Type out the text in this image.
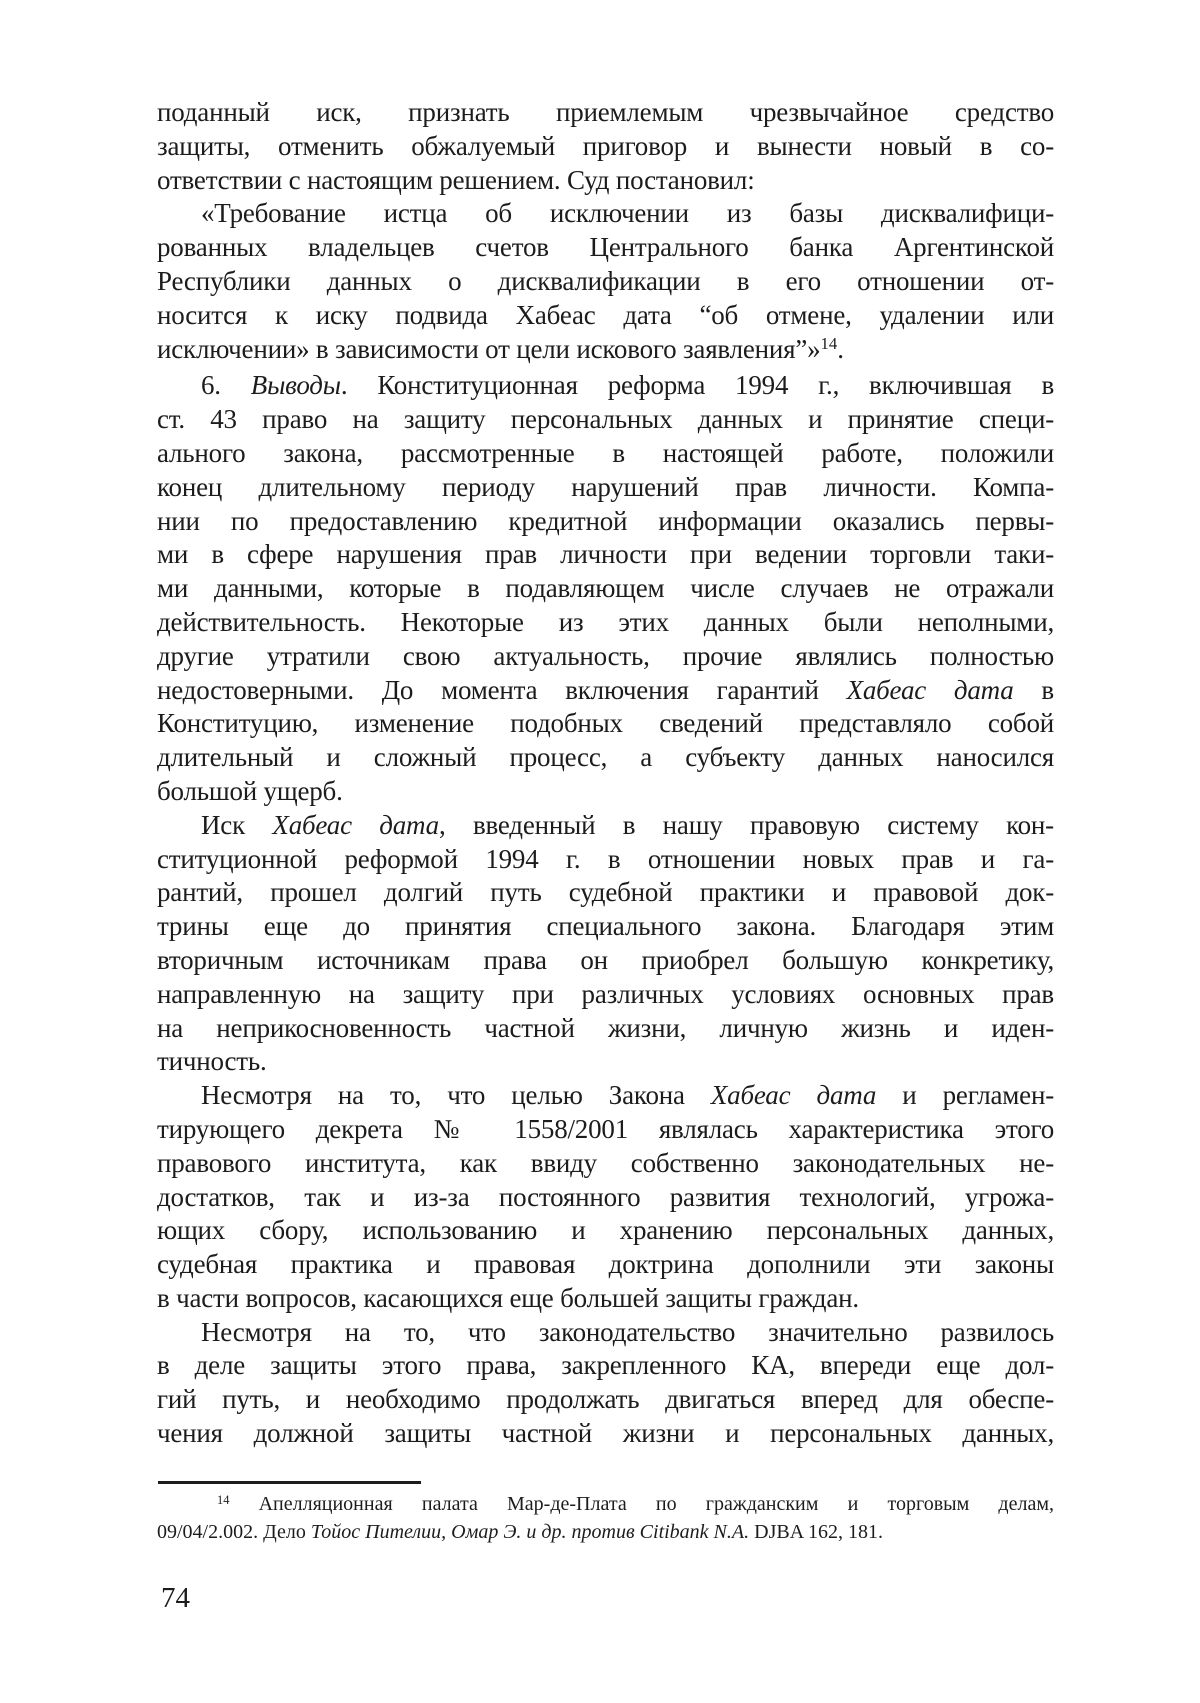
поданный иск, признать приемлемым чрезвычайное средство
защиты, отменить обжалуемый приговор и вынести новый в со-
ответствии с настоящим решением. Суд постановил:
«Требование истца об исключении из базы дисквалифици-
рованных владельцев счетов Центрального банка Аргентинской
Республики данных о дисквалификации в его отношении от-
носится к иску подвида Хабеас дата “об отмене, удалении или
исключении» в зависимости от цели искового заявления”»$^{14}$.
6. Выводы. Конституционная реформа 1994 г., включившая в
ст. 43 право на защиту персональных данных и принятие специ-
ального закона, рассмотренные в настоящей работе, положили
конец длительному периоду нарушений прав личности. Компа-
нии по предоставлению кредитной информации оказались первы-
ми в сфере нарушения прав личности при ведении торговли таки-
ми данными, которые в подавляющем числе случаев не отражали
действительность. Некоторые из этих данных были неполными,
другие утратили свою актуальность, прочие являлись полностью
недостоверными. До момента включения гарантий Хабеас дата в
Конституцию, изменение подобных сведений представляло собой
длительный и сложный процесс, а субъекту данных наносился
большой ущерб.
Иск Хабеас дата, введенный в нашу правовую систему кон-
ституционной реформой 1994 г. в отношении новых прав и га-
рантий, прошел долгий путь судебной практики и правовой док-
трины еще до принятия специального закона. Благодаря этим
вторичным источникам права он приобрел большую конкретику,
направленную на защиту при различных условиях основных прав
на неприкосновенность частной жизни, личную жизнь и иден-
тичность.
Несмотря на то, что целью Закона Хабеас дата и регламен-
тирующего декрета № 1558/2001 являлась характеристика этого
правового института, как ввиду собственно законодательных не-
достатков, так и из-за постоянного развития технологий, угрожа-
ющих сбору, использованию и хранению персональных данных,
судебная практика и правовая доктрина дополнили эти законы
в части вопросов, касающихся еще большей защиты граждан.
Несмотря на то, что законодательство значительно развилось
в деле защиты этого права, закрепленного КА, впереди еще дол-
гий путь, и необходимо продолжать двигаться вперед для обеспе-
чения должной защиты частной жизни и персональных данных,
$^{14}$ Апелляционная палата Мар-де-Плата по гражданским и торговым делам,
09/04/2.002. Дело Тойос Пителии, Омар Э. и др. против Citibank N.A. DJBA 162, 181.
74
